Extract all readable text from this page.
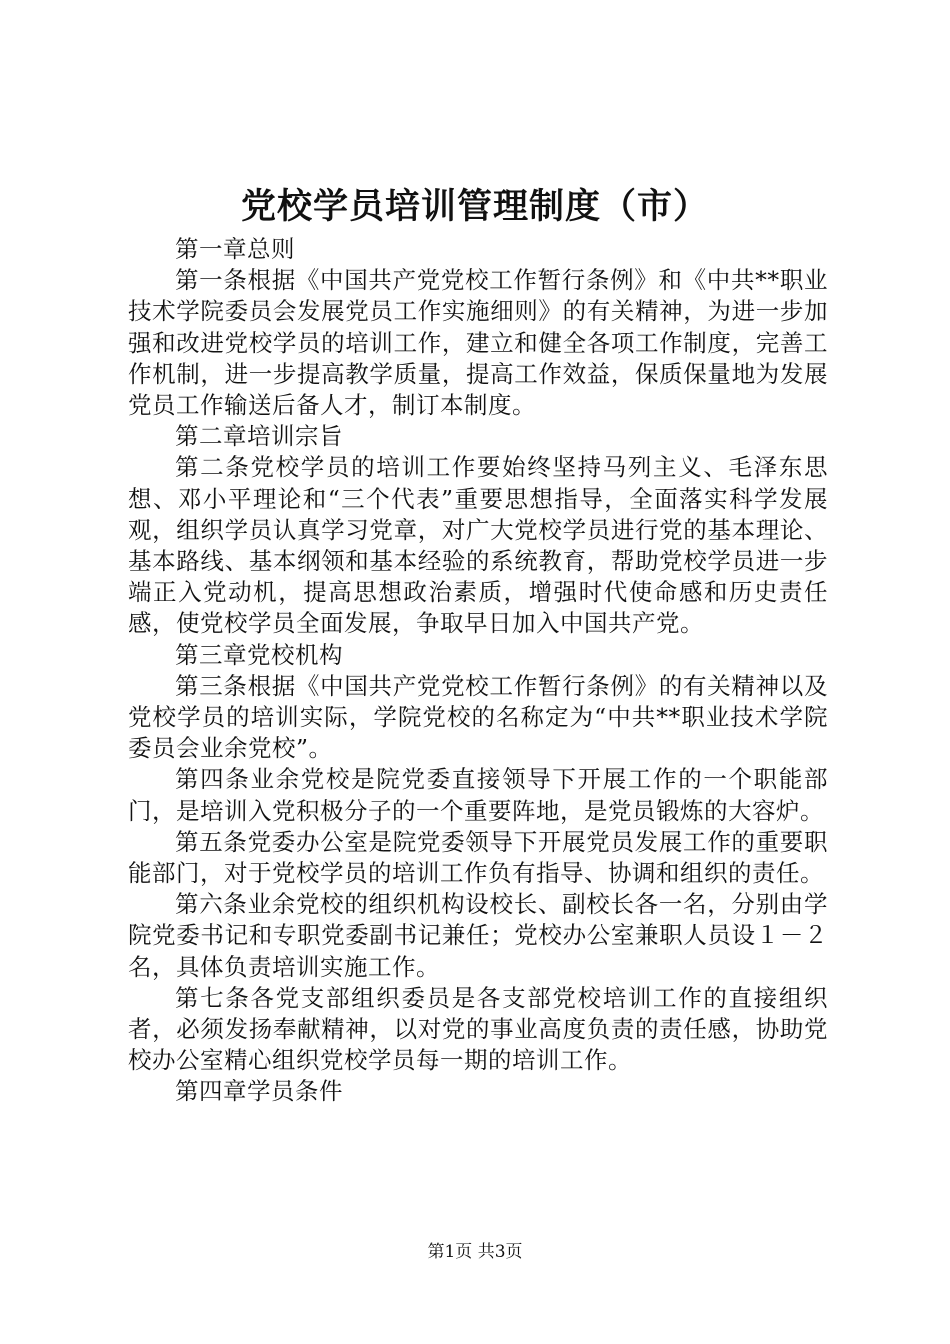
党校学员培训管理制度（市）

第一章总则

第一条根据《中国共产党党校工作暂行条例》和《中共**职业技术学院委员会发展党员工作实施细则》的有关精神，为进一步加强和改进党校学员的培训工作，建立和健全各项工作制度，完善工作机制，进一步提高教学质量，提高工作效益，保质保量地为发展党员工作输送后备人才，制订本制度。

第二章培训宗旨

第二条党校学员的培训工作要始终坚持马列主义、毛泽东思想、邓小平理论和“三个代表”重要思想指导，全面落实科学发展观，组织学员认真学习党章，对广大党校学员进行党的基本理论、基本路线、基本纲领和基本经验的系统教育，帮助党校学员进一步端正入党动机，提高思想政治素质，增强时代使命感和历史责任感，使党校学员全面发展，争取早日加入中国共产党。

第三章党校机构

第三条根据《中国共产党党校工作暂行条例》的有关精神以及党校学员的培训实际，学院党校的名称定为“中共**职业技术学院委员会业余党校”。

第四条业余党校是院党委直接领导下开展工作的一个职能部门，是培训入党积极分子的一个重要阵地，是党员锻炼的大容炉。

第五条党委办公室是院党委领导下开展党员发展工作的重要职能部门，对于党校学员的培训工作负有指导、协调和组织的责任。

第六条业余党校的组织机构设校长、副校长各一名，分别由学院党委书记和专职党委副书记兼任；党校办公室兼职人员设１－２名，具体负责培训实施工作。

第七条各党支部组织委员是各支部党校培训工作的直接组织者，必须发扬奉献精神，以对党的事业高度负责的责任感，协助党校办公室精心组织党校学员每一期的培训工作。

第四章学员条件

第1页 共3页
